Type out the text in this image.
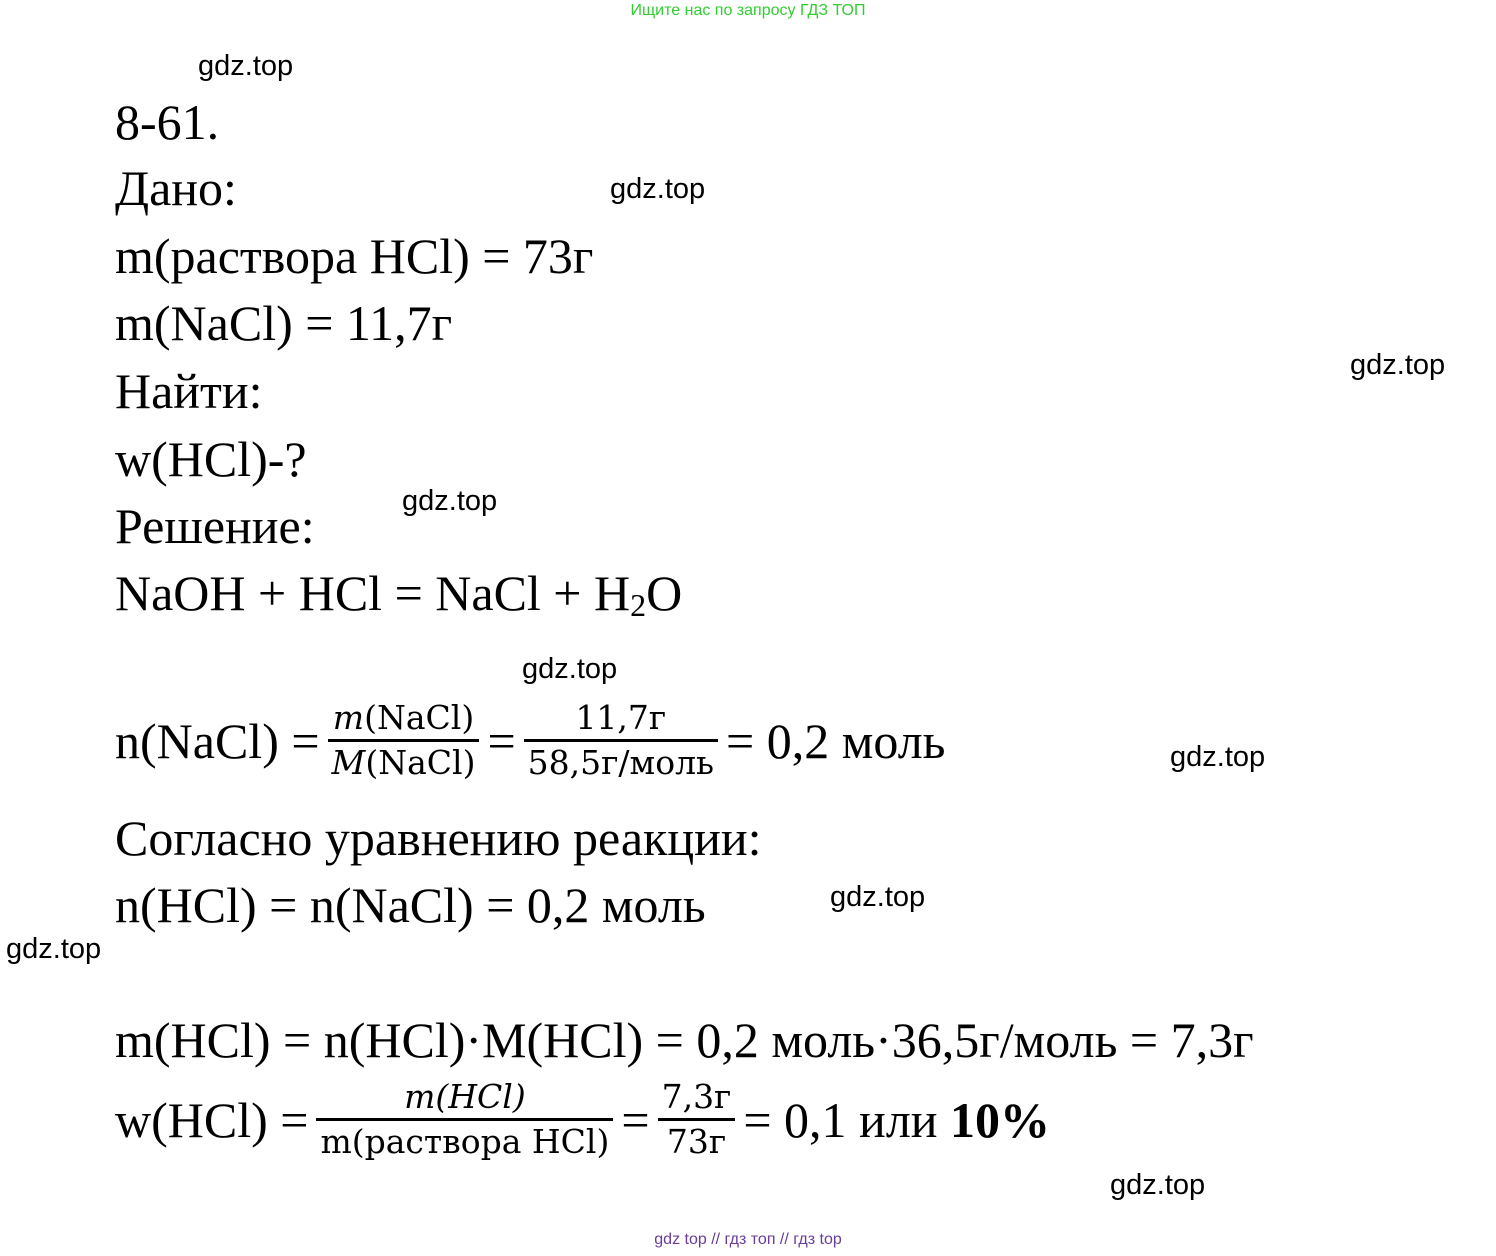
Ищите нас по запросу ГДЗ ТОП
gdz.top
gdz.top
gdz.top
gdz.top
gdz.top
gdz.top
gdz.top
gdz.top
gdz.top
8-61.
Дано:
m(раствора HCl) = 73г
m(NaCl) = 11,7г
Найти:
w(HCl)-?
Решение:
NaOH + HCl = NaCl + $H_2O$
n(NaCl) = $\frac{\text{m(NaCl)}}{\text{M(NaCl)}} = \frac{11,7г}{\text{58,5г/моль}} = 0,2$ моль
Согласно уравнению реакции:
n(HCl) = n(NaCl) = 0,2 моль
m(HCl) = n(HCl)·M(HCl) = 0,2 моль·36,5г/моль = 7,3г
$w(HCl) = \frac{\text{m(HCl)}}{\text{m(раствора HCl)}} = \frac{7,3г}{73г} = 0,1$ или
10%
gdz top // гдз топ // гдз top
